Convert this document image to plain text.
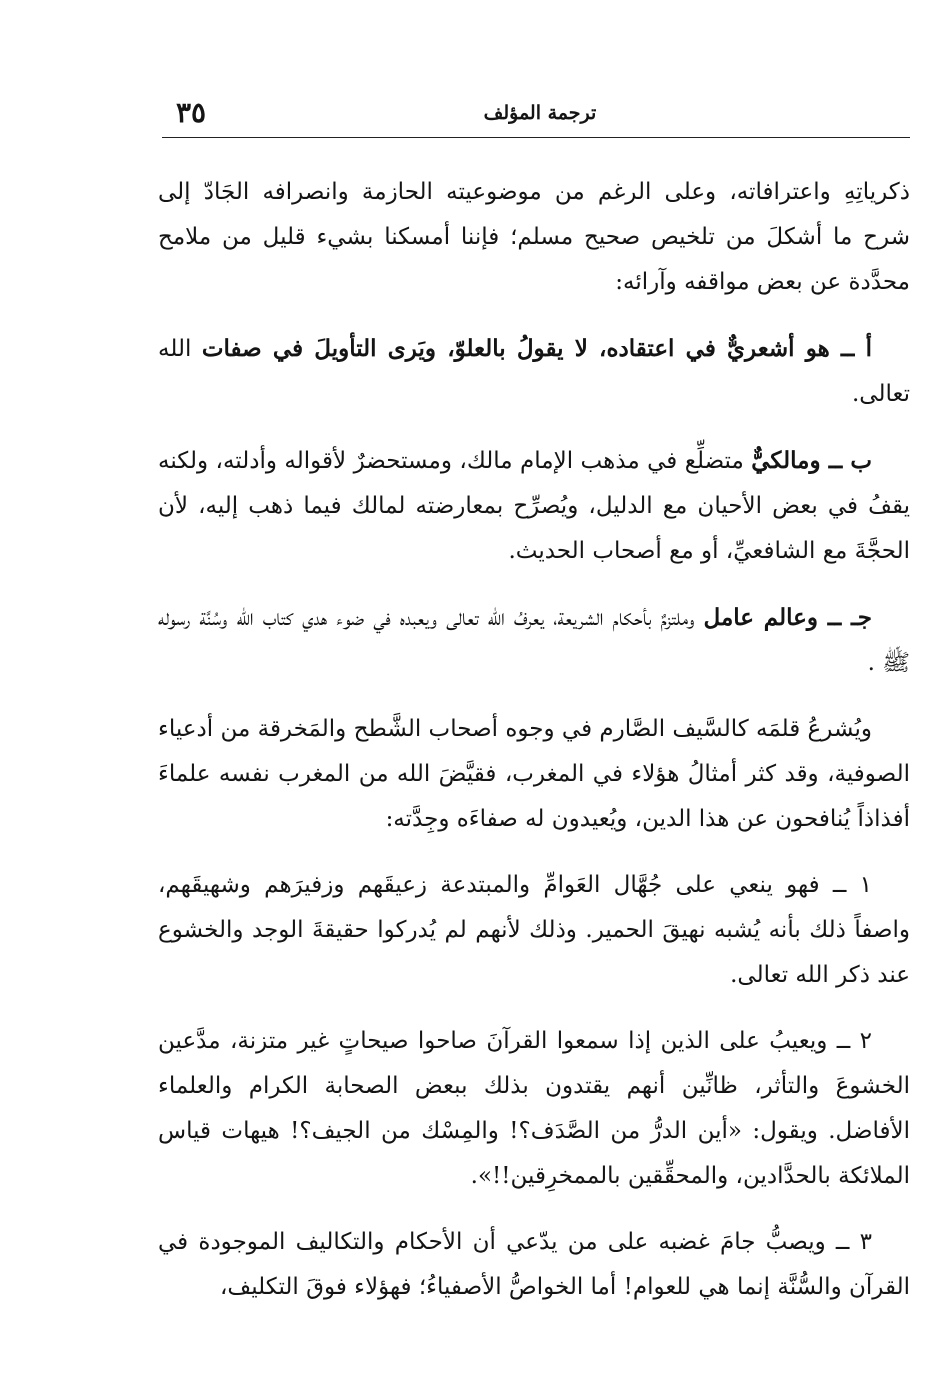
٣٥	ترجمة المؤلف

ذكرياتِهِ واعترافاته، وعلى الرغم من موضوعيته الحازمة وانصرافه الجَادّ إلى شرح ما أشكلَ من تلخيص صحيح مسلم؛ فإننا أمسكنا بشيء قليل من ملامح محدَّدة عن بعض مواقفه وآرائه:

أ ــ هو أشعريٌّ في اعتقاده، لا يقولُ بالعلوّ، ويَرى التأويلَ في صفات الله تعالى.

ب ــ ومالكيٌّ متضلِّع في مذهب الإمام مالك، ومستحضرٌ لأقواله وأدلته، ولكنه يقفُ في بعض الأحيان مع الدليل، ويُصرِّح بمعارضته لمالك فيما ذهب إليه، لأن الحجَّةَ مع الشافعيِّ، أو مع أصحاب الحديث.

جـ ــ وعالم عامل وملتزمٌ بأحكام الشريعة، يعرفُ الله تعالى ويعبده في ضوء هدي كتاب الله وسُنَّة رسوله ﷺ .

ويُشرعُ قلمَه كالسَّيف الصَّارم في وجوه أصحاب الشَّطح والمَخرقة من أدعياء الصوفية، وقد كثر أمثالُ هؤلاء في المغرب، فقيَّضَ الله من المغرب نفسه علماءَ أفذاذاً يُنافحون عن هذا الدين، ويُعيدون له صفاءَه وجِدَّته:

١ ــ فهو ينعي على جُهَّال العَوامِّ والمبتدعة زعيقَهم وزفيرَهم وشهيقَهم، واصفاً ذلك بأنه يُشبه نهيقَ الحمير. وذلك لأنهم لم يُدركوا حقيقةَ الوجد والخشوع عند ذكر الله تعالى.

٢ ــ ويعيبُ على الذين إذا سمعوا القرآنَ صاحوا صيحاتٍ غير متزنة، مدَّعين الخشوعَ والتأثر، ظانِّين أنهم يقتدون بذلك ببعض الصحابة الكرام والعلماء الأفاضل. ويقول: «أين الدرُّ من الصَّدَف؟! والمِسْك من الجيف؟! هيهات قياس الملائكة بالحدَّادين، والمحقِّقين بالممخرِقين!!».

٣ ــ ويصبُّ جامَ غضبه على من يدّعي أن الأحكام والتكاليف الموجودة في القرآن والسُّنَّة إنما هي للعوام! أما الخواصُّ الأصفياءُ؛ فهؤلاء فوقَ التكليف،
